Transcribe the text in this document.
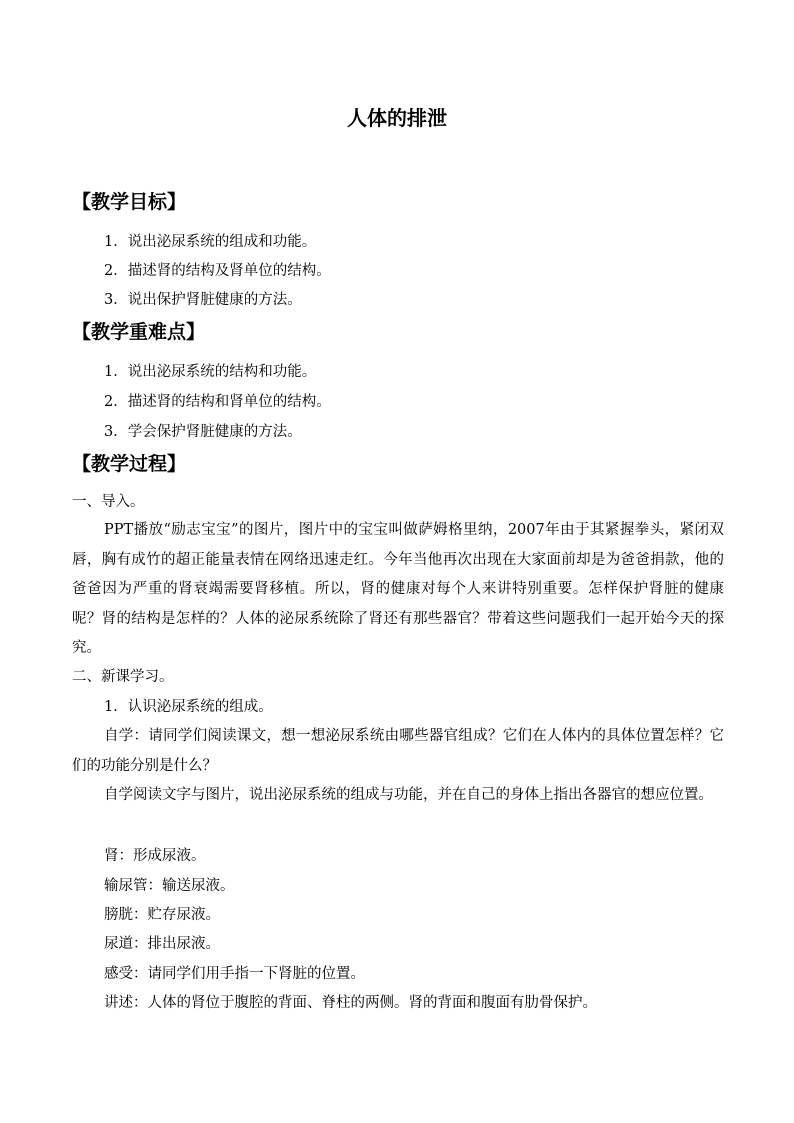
人体的排泄
【教学目标】
1．说出泌尿系统的组成和功能。
2．描述肾的结构及肾单位的结构。
3．说出保护肾脏健康的方法。
【教学重难点】
1．说出泌尿系统的结构和功能。
2．描述肾的结构和肾单位的结构。
3．学会保护肾脏健康的方法。
【教学过程】
一、导入。
PPT播放“励志宝宝”的图片，图片中的宝宝叫做萨姆格里纳，2007年由于其紧握拳头，紧闭双唇，胸有成竹的超正能量表情在网络迅速走红。今年当他再次出现在大家面前却是为爸爸捐款，他的爸爸因为严重的肾衰竭需要肾移植。所以，肾的健康对每个人来讲特别重要。怎样保护肾脏的健康呢？肾的结构是怎样的？人体的泌尿系统除了肾还有那些器官？带着这些问题我们一起开始今天的探究。
二、新课学习。
1．认识泌尿系统的组成。
自学：请同学们阅读课文，想一想泌尿系统由哪些器官组成？它们在人体内的具体位置怎样？它们的功能分别是什么？
自学阅读文字与图片，说出泌尿系统的组成与功能，并在自己的身体上指出各器官的想应位置。
肾：形成尿液。
输尿管：输送尿液。
膀胱：贮存尿液。
尿道：排出尿液。
感受：请同学们用手指一下肾脏的位置。
讲述：人体的肾位于腹腔的背面、脊柱的两侧。肾的背面和腹面有肋骨保护。
